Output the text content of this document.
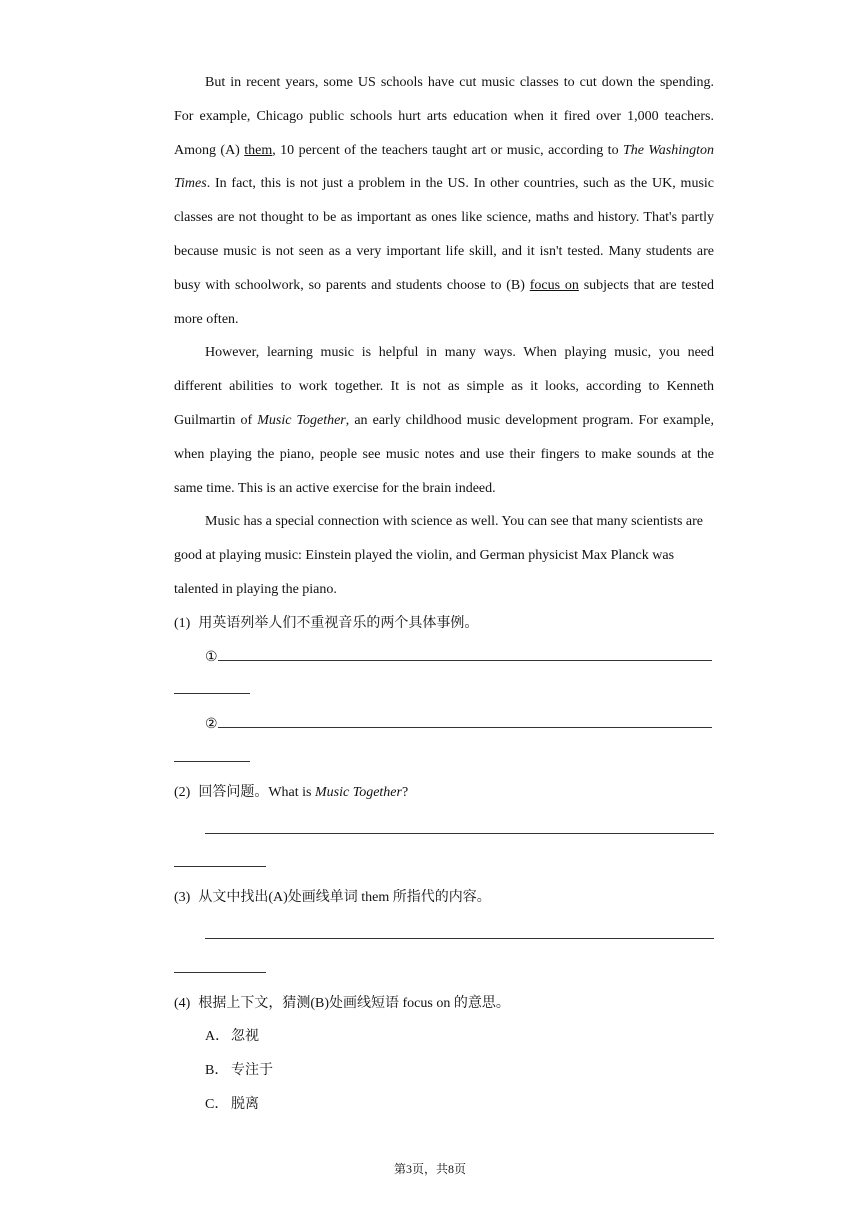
But in recent years, some US schools have cut music classes to cut down the spending. For example, Chicago public schools hurt arts education when it fired over 1,000 teachers. Among (A) them, 10 percent of the teachers taught art or music, according to The Washington Times. In fact, this is not just a problem in the US. In other countries, such as the UK, music classes are not thought to be as important as ones like science, maths and history. That's partly because music is not seen as a very important life skill, and it isn't tested. Many students are busy with schoolwork, so parents and students choose to (B) focus on subjects that are tested more often.

However, learning music is helpful in many ways. When playing music, you need different abilities to work together. It is not as simple as it looks, according to Kenneth Guilmartin of Music Together, an early childhood music development program. For example, when playing the piano, people see music notes and use their fingers to make sounds at the same time. This is an active exercise for the brain indeed.

Music has a special connection with science as well. You can see that many scientists are good at playing music: Einstein played the violin, and German physicist Max Planck was talented in playing the piano.

(1) 用英语列举人们不重视音乐的两个具体事例。

①

②

(2) 回答问题。What is Music Together?

(3) 从文中找出(A)处画线单词 them 所指代的内容。

(4) 根据上下文，猜测(B)处画线短语 focus on 的意思。

A． 忽视

B． 专注于

C． 脱离

第3页，共8页
